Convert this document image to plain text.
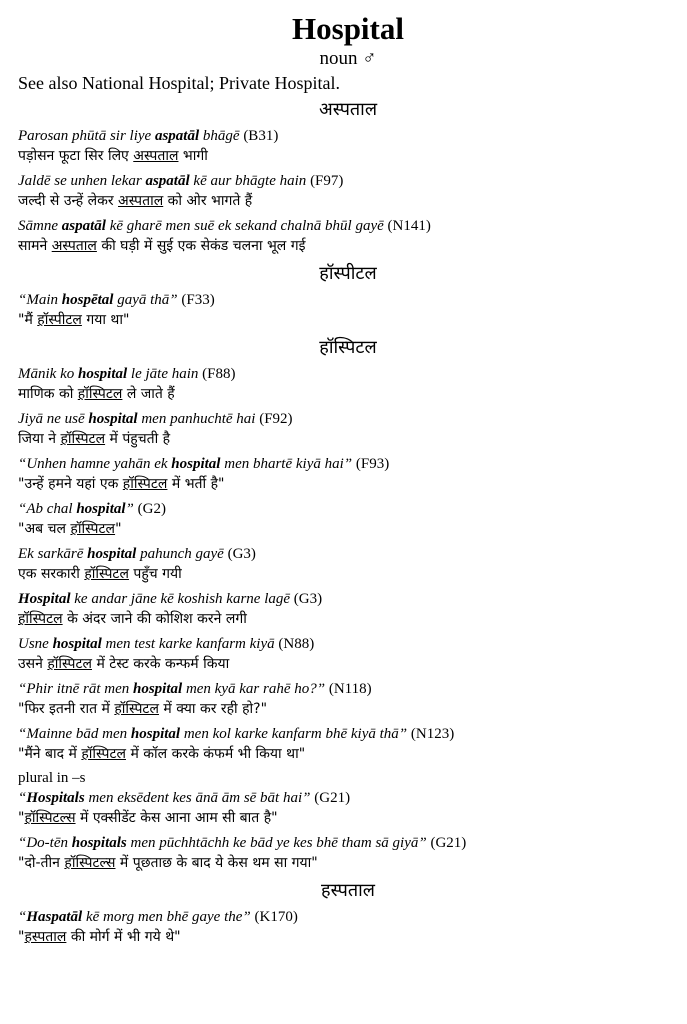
Hospital
noun ♂
See also National Hospital; Private Hospital.
अस्पताल
Parosan phūtā sir liye aspatāl bhāgē (B31)
पड़ोसन फूटा सिर लिए अस्पताल भागी
Jaldē se unhen lekar aspatāl kē aur bhāgte hain (F97)
जल्दी से उन्हें लेकर अस्पताल को ओर भागते हैं
Sāmne aspatāl kē gharē men suē ek sekand chalnā bhūl gayē (N141)
सामने अस्पताल की घड़ी में सुई एक सेकंड चलना भूल गई
हॉस्पीटल
“Main hospētal gayā thā” (F33)
"मैं हॉस्पीटल गया था"
हॉस्पिटल
Mānik ko hospital le jāte hain (F88)
माणिक को हॉस्पिटल ले जाते हैं
Jiyā ne usē hospital men panhuchtē hai (F92)
जिया ने हॉस्पिटल में पंहुचती है
“Unhen hamne yahān ek hospital men bhartē kiyā hai” (F93)
"उन्हें हमने यहां एक हॉस्पिटल में भर्ती है"
“Ab chal hospital” (G2)
"अब चल हॉस्पिटल"
Ek sarkārē hospital pahunch gayē (G3)
एक सरकारी हॉस्पिटल पहुँच गयी
Hospital ke andar jāne kē koshish karne lagē (G3)
हॉस्पिटल के अंदर जाने की कोशिश करने लगी
Usne hospital men test karke kanfarm kiyā (N88)
उसने हॉस्पिटल में टेस्ट करके कन्फर्म किया
“Phir itnē rāt men hospital men kyā kar rahē ho?” (N118)
"फिर इतनी रात में हॉस्पिटल में क्या कर रही हो?"
“Mainne bād men hospital men kol karke kanfarm bhē kiyā thā” (N123)
"मैंने बाद में हॉस्पिटल में कॉल करके कंफर्म भी किया था"
plural in –s
“Hospitals men eksēdent kes ānā ām sē bāt hai” (G21)
"हॉस्पिटल्स में एक्सीडेंट केस आना आम सी बात है"
“Do-tēn hospitals men pūchhtāchh ke bād ye kes bhē tham sā giyā” (G21)
"दो-तीन हॉस्पिटल्स में पूछताछ के बाद ये केस थम सा गया"
हस्पताल
“Haspatāl kē morg men bhē gaye the” (K170)
"हस्पताल की मोर्ग में भी गये थे"
